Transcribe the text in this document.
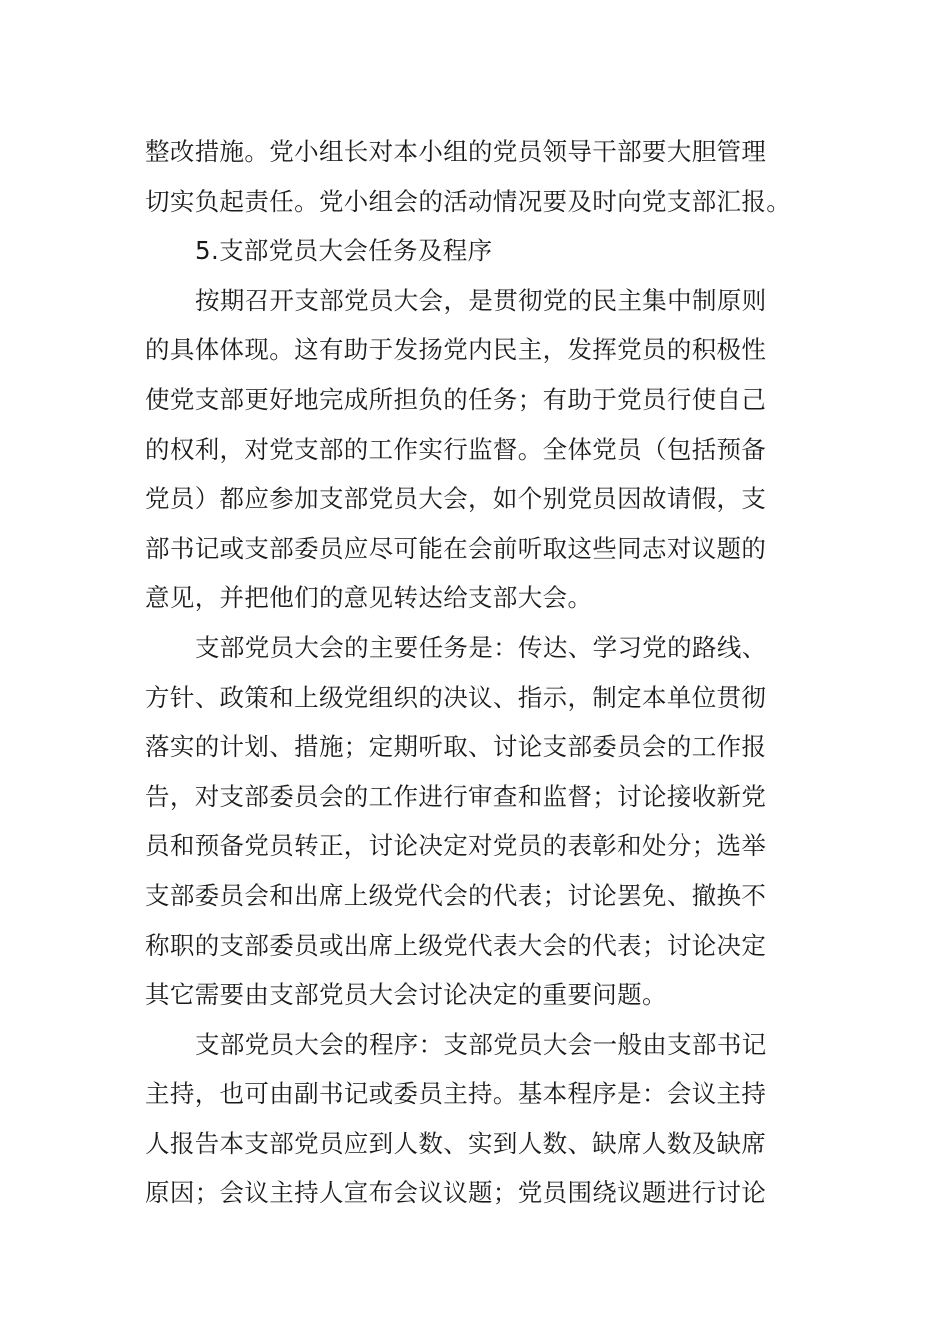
整改措施。党小组长对本小组的党员领导干部要大胆管理
切实负起责任。党小组会的活动情况要及时向党支部汇报。
5.支部党员大会任务及程序
按期召开支部党员大会，是贯彻党的民主集中制原则
的具体体现。这有助于发扬党内民主，发挥党员的积极性
使党支部更好地完成所担负的任务；有助于党员行使自己
的权利，对党支部的工作实行监督。全体党员（包括预备
党员）都应参加支部党员大会，如个别党员因故请假，支
部书记或支部委员应尽可能在会前听取这些同志对议题的
意见，并把他们的意见转达给支部大会。
支部党员大会的主要任务是：传达、学习党的路线、
方针、政策和上级党组织的决议、指示，制定本单位贯彻
落实的计划、措施；定期听取、讨论支部委员会的工作报
告，对支部委员会的工作进行审查和监督；讨论接收新党
员和预备党员转正，讨论决定对党员的表彰和处分；选举
支部委员会和出席上级党代会的代表；讨论罢免、撤换不
称职的支部委员或出席上级党代表大会的代表；讨论决定
其它需要由支部党员大会讨论决定的重要问题。
支部党员大会的程序：支部党员大会一般由支部书记
主持，也可由副书记或委员主持。基本程序是：会议主持
人报告本支部党员应到人数、实到人数、缺席人数及缺席
原因；会议主持人宣布会议议题；党员围绕议题进行讨论
